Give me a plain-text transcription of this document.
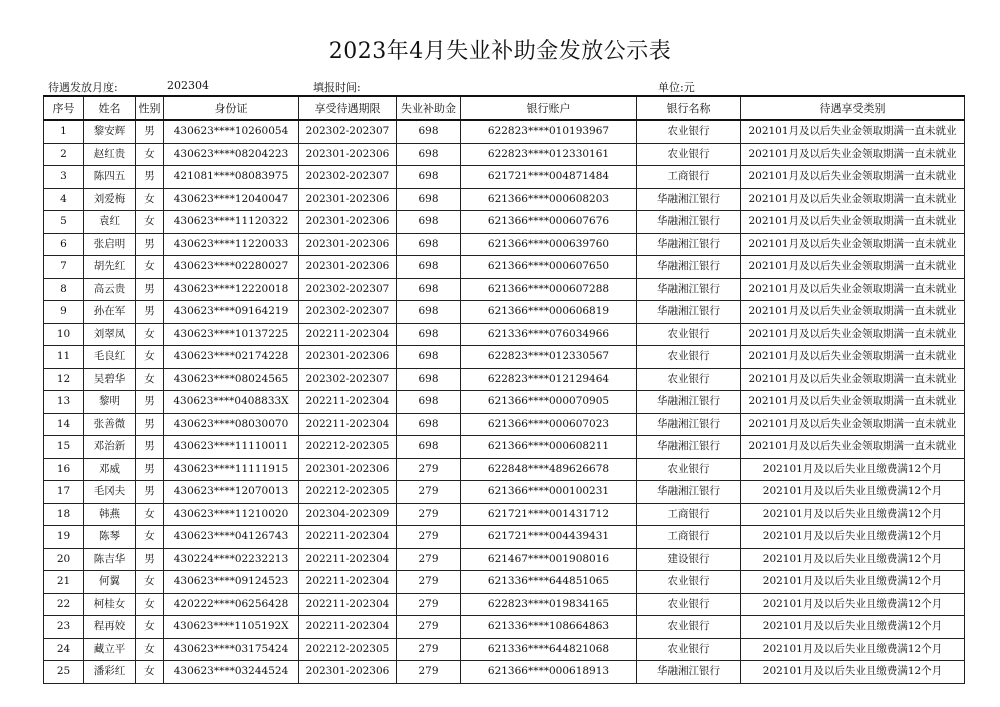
2023年4月失业补助金发放公示表
待遇发放月度:	202304	填报时间:	单位:元
序号	姓名	性别	身份证	享受待遇期限	失业补助金	银行账户	银行名称	待遇享受类别
1	黎安辉	男	430623****10260054	202302-202307	698	622823****010193967	农业银行	202101月及以后失业金领取期满一直未就业
2	赵红贵	女	430623****08204223	202301-202306	698	622823****012330161	农业银行	202101月及以后失业金领取期满一直未就业
3	陈四五	男	421081****08083975	202302-202307	698	621721****004871484	工商银行	202101月及以后失业金领取期满一直未就业
4	刘爱梅	女	430623****12040047	202301-202306	698	621366****000608203	华融湘江银行	202101月及以后失业金领取期满一直未就业
5	袁红	女	430623****11120322	202301-202306	698	621366****000607676	华融湘江银行	202101月及以后失业金领取期满一直未就业
6	张启明	男	430623****11220033	202301-202306	698	621366****000639760	华融湘江银行	202101月及以后失业金领取期满一直未就业
7	胡先红	女	430623****02280027	202301-202306	698	621366****000607650	华融湘江银行	202101月及以后失业金领取期满一直未就业
8	高云贵	男	430623****12220018	202302-202307	698	621366****000607288	华融湘江银行	202101月及以后失业金领取期满一直未就业
9	孙在军	男	430623****09164219	202302-202307	698	621366****000606819	华融湘江银行	202101月及以后失业金领取期满一直未就业
10	刘翠凤	女	430623****10137225	202211-202304	698	621336****076034966	农业银行	202101月及以后失业金领取期满一直未就业
11	毛良红	女	430623****02174228	202301-202306	698	622823****012330567	农业银行	202101月及以后失业金领取期满一直未就业
12	吴碧华	女	430623****08024565	202302-202307	698	622823****012129464	农业银行	202101月及以后失业金领取期满一直未就业
13	黎明	男	430623****0408833X	202211-202304	698	621366****000070905	华融湘江银行	202101月及以后失业金领取期满一直未就业
14	张善微	男	430623****08030070	202211-202304	698	621366****000607023	华融湘江银行	202101月及以后失业金领取期满一直未就业
15	邓治新	男	430623****11110011	202212-202305	698	621366****000608211	华融湘江银行	202101月及以后失业金领取期满一直未就业
16	邓威	男	430623****11111915	202301-202306	279	622848****489626678	农业银行	202101月及以后失业且缴费满12个月
17	毛冈夫	男	430623****12070013	202212-202305	279	621366****000100231	华融湘江银行	202101月及以后失业且缴费满12个月
18	韩燕	女	430623****11210020	202304-202309	279	621721****001431712	工商银行	202101月及以后失业且缴费满12个月
19	陈琴	女	430623****04126743	202211-202304	279	621721****004439431	工商银行	202101月及以后失业且缴费满12个月
20	陈吉华	男	430224****02232213	202211-202304	279	621467****001908016	建设银行	202101月及以后失业且缴费满12个月
21	何翼	女	430623****09124523	202211-202304	279	621336****644851065	农业银行	202101月及以后失业且缴费满12个月
22	柯桂女	女	420222****06256428	202211-202304	279	622823****019834165	农业银行	202101月及以后失业且缴费满12个月
23	程再姣	女	430623****1105192X	202211-202304	279	621336****108664863	农业银行	202101月及以后失业且缴费满12个月
24	藏立平	女	430623****03175424	202212-202305	279	621336****644821068	农业银行	202101月及以后失业且缴费满12个月
25	潘彩红	女	430623****03244524	202301-202306	279	621366****000618913	华融湘江银行	202101月及以后失业且缴费满12个月
